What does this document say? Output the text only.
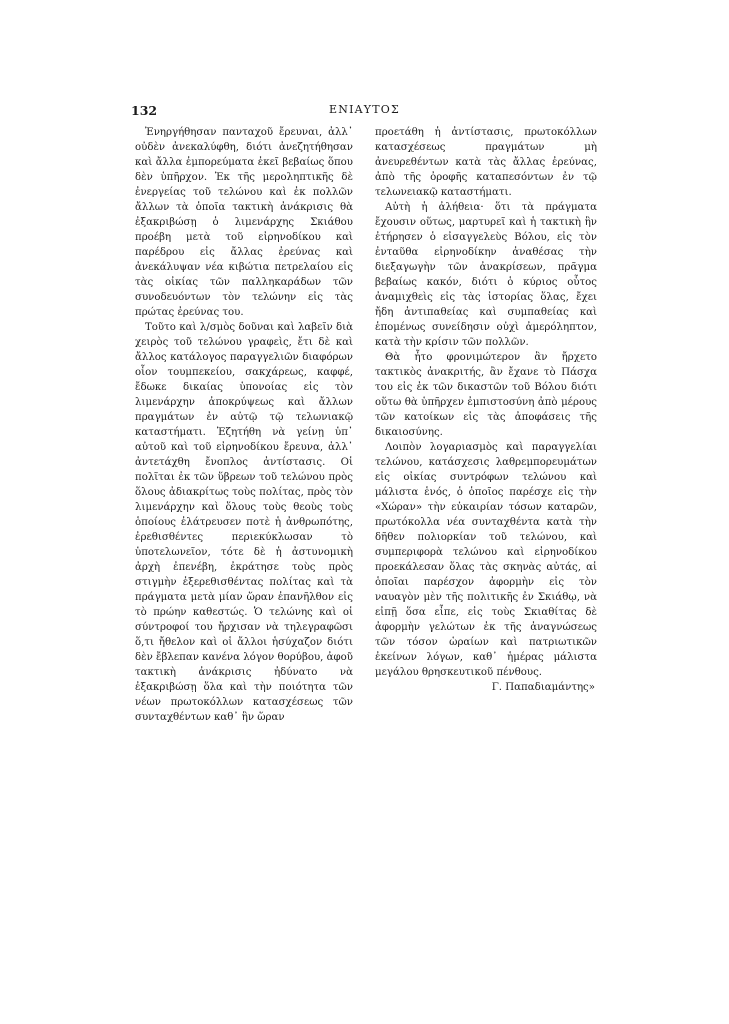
132	ΕΝΙΑΥΤΟΣ

Ἐνηργήθησαν πανταχοῦ ἔρευναι, ἀλλ᾽ οὐδὲν ἀνεκαλύφθη, διότι ἀνεζητήθησαν καὶ ἄλλα ἐμπορεύματα ἐκεῖ βεβαίως ὅπου δὲν ὑπῆρχον. Ἐκ τῆς μεροληπτικῆς δὲ ἐνεργείας τοῦ τελώνου καὶ ἐκ πολλῶν ἄλλων τὰ ὁποῖα τακτικὴ ἀνάκρισις θὰ ἐξακριβώσῃ ὁ λιμενάρχης Σκιάθου προέβη μετὰ τοῦ εἰρηνοδίκου καὶ παρέδρου εἰς ἄλλας ἐρεύνας καὶ ἀνεκάλυψαν νέα κιβώτια πετρελαίου εἰς τὰς οἰκίας τῶν παλληκαράδων τῶν συνοδευόντων τὸν τελώνην εἰς τὰς πρώτας ἐρεύνας του.

Τοῦτο καὶ λ/σμὸς δοῦναι καὶ λαβεῖν διὰ χειρὸς τοῦ τελώνου γραφεὶς, ἔτι δὲ καὶ ἄλλος κατάλογος παραγγελιῶν διαφόρων οἷον τουμπεκείου, σακχάρεως, καφφέ, ἔδωκε δικαίας ὑπονοίας εἰς τὸν λιμενάρχην ἀποκρύψεως καὶ ἄλλων πραγμάτων ἐν αὐτῷ τῷ τελωνιακῷ καταστήματι. Ἐζητήθη νὰ γείνῃ ὑπ᾽ αὐτοῦ καὶ τοῦ εἰρηνοδίκου ἔρευνα, ἀλλ᾽ ἀντετάχθη ἔνοπλος ἀντίστασις. Οἱ πολῖται ἐκ τῶν ὕβρεων τοῦ τελώνου πρὸς ὅλους ἀδιακρίτως τοὺς πολίτας, πρὸς τὸν λιμενάρχην καὶ ὅλους τοὺς θεοὺς τοὺς ὁποίους ἐλάτρευσεν ποτὲ ἡ ἀνθρωπότης, ἐρεθισθέντες περιεκύκλωσαν τὸ ὑποτελωνεῖον, τότε δὲ ἡ ἀστυνομικὴ ἀρχὴ ἐπενέβη, ἐκράτησε τοὺς πρὸς στιγμὴν ἐξερεθισθέντας πολίτας καὶ τὰ πράγματα μετὰ μίαν ὥραν ἐπανῆλθον εἰς τὸ πρώην καθεστώς. Ὁ τελώνης καὶ οἱ σύντροφοί του ἤρχισαν νὰ τηλεγραφῶσι ὅ,τι ἤθελον καὶ οἱ ἄλλοι ἡσύχαζον διότι δὲν ἔβλεπαν κανένα λόγον θορύβου, ἀφοῦ τακτικὴ ἀνάκρισις ἠδύνατο νὰ ἐξακριβώσῃ ὅλα καὶ τὴν ποιότητα τῶν νέων πρωτοκόλλων κατασχέσεως τῶν συνταχθέντων καθ᾽ ἣν ὥραν

προετάθη ἡ ἀντίστασις, πρωτοκόλλων κατασχέσεως πραγμάτων μὴ ἀνευρεθέντων κατὰ τὰς ἄλλας ἐρεύνας, ἀπὸ τῆς ὀροφῆς καταπεσόντων ἐν τῷ τελωνειακῷ καταστήματι.

Αὐτὴ ἡ ἀλήθεια· ὅτι τὰ πράγματα ἔχουσιν οὕτως, μαρτυρεῖ καὶ ἡ τακτικὴ ἣν ἐτήρησεν ὁ εἰσαγγελεὺς Βόλου, εἰς τὸν ἐνταῦθα εἰρηνοδίκην ἀναθέσας τὴν διεξαγωγὴν τῶν ἀνακρίσεων, πρᾶγμα βεβαίως κακόν, διότι ὁ κύριος οὗτος ἀναμιχθεὶς εἰς τὰς ἱστορίας ὅλας, ἔχει ἤδη ἀντιπαθείας καὶ συμπαθείας καὶ ἑπομένως συνείδησιν οὐχὶ ἀμερόληπτον, κατὰ τὴν κρίσιν τῶν πολλῶν.

Θὰ ἦτο φρονιμώτερον ἂν ἤρχετο τακτικὸς ἀνακριτής, ἂν ἔχανε τὸ Πάσχα του εἰς ἐκ τῶν δικαστῶν τοῦ Βόλου διότι οὕτω θὰ ὑπῆρχεν ἐμπιστοσύνη ἀπὸ μέρους τῶν κατοίκων εἰς τὰς ἀποφάσεις τῆς δικαιοσύνης.

Λοιπὸν λογαριασμὸς καὶ παραγγελίαι τελώνου, κατάσχεσις λαθρεμπορευμάτων εἰς οἰκίας συντρόφων τελώνου καὶ μάλιστα ἑνός, ὁ ὁποῖος παρέσχε εἰς τὴν «Χώραν» τὴν εὐκαιρίαν τόσων καταρῶν, πρωτόκολλα νέα συνταχθέντα κατὰ τὴν δῆθεν πολιορκίαν τοῦ τελώνου, καὶ συμπεριφορὰ τελώνου καὶ εἰρηνοδίκου προεκάλεσαν ὅλας τὰς σκηνὰς αὐτάς, αἱ ὁποῖαι παρέσχον ἀφορμὴν εἰς τὸν ναυαγὸν μὲν τῆς πολιτικῆς ἐν Σκιάθῳ, νὰ εἰπῇ ὅσα εἶπε, εἰς τοὺς Σκιαθίτας δὲ ἀφορμὴν γελώτων ἐκ τῆς ἀναγνώσεως τῶν τόσον ὡραίων καὶ πατριωτικῶν ἐκείνων λόγων, καθ᾽ ἡμέρας μάλιστα μεγάλου θρησκευτικοῦ πένθους.

Γ. Παπαδιαμάντης»
